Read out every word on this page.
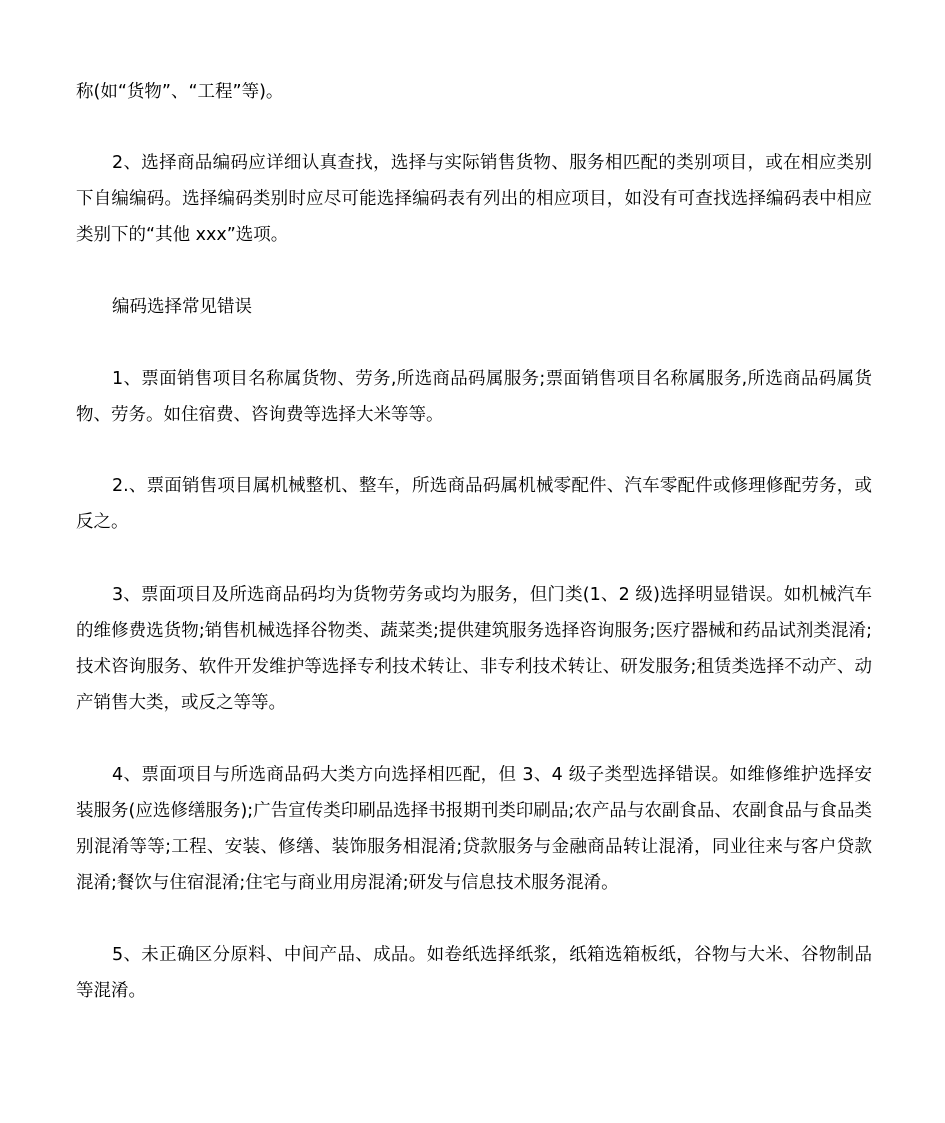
称(如“货物”、“工程”等)。

2、选择商品编码应详细认真查找，选择与实际销售货物、服务相匹配的类别项目，或在相应类别下自编编码。选择编码类别时应尽可能选择编码表有列出的相应项目，如没有可查找选择编码表中相应类别下的“其他 xxx”选项。

编码选择常见错误

1、票面销售项目名称属货物、劳务,所选商品码属服务;票面销售项目名称属服务,所选商品码属货物、劳务。如住宿费、咨询费等选择大米等等。

2.、票面销售项目属机械整机、整车，所选商品码属机械零配件、汽车零配件或修理修配劳务，或反之。

3、票面项目及所选商品码均为货物劳务或均为服务，但门类(1、2 级)选择明显错误。如机械汽车的维修费选货物;销售机械选择谷物类、蔬菜类;提供建筑服务选择咨询服务;医疗器械和药品试剂类混淆;技术咨询服务、软件开发维护等选择专利技术转让、非专利技术转让、研发服务;租赁类选择不动产、动产销售大类，或反之等等。

4、票面项目与所选商品码大类方向选择相匹配，但 3、4 级子类型选择错误。如维修维护选择安装服务(应选修缮服务);广告宣传类印刷品选择书报期刊类印刷品;农产品与农副食品、农副食品与食品类别混淆等等;工程、安装、修缮、装饰服务相混淆;贷款服务与金融商品转让混淆，同业往来与客户贷款混淆;餐饮与住宿混淆;住宅与商业用房混淆;研发与信息技术服务混淆。

5、未正确区分原料、中间产品、成品。如卷纸选择纸浆，纸箱选箱板纸，谷物与大米、谷物制品等混淆。
